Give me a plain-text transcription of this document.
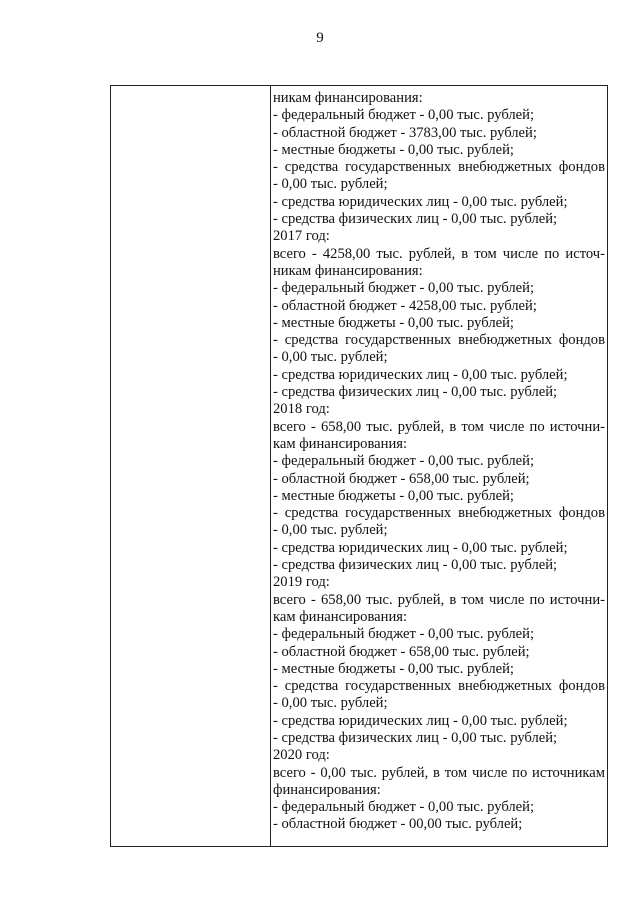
9

никам финансирования:
- федеральный бюджет - 0,00 тыс. рублей;
- областной бюджет - 3783,00 тыс. рублей;
- местные бюджеты - 0,00 тыс. рублей;
- средства государственных внебюджетных фондов
- 0,00 тыс. рублей;
- средства юридических лиц - 0,00 тыс. рублей;
- средства физических лиц - 0,00 тыс. рублей;
2017 год:
всего - 4258,00 тыс. рублей, в том числе по источ-
никам финансирования:
- федеральный бюджет - 0,00 тыс. рублей;
- областной бюджет - 4258,00 тыс. рублей;
- местные бюджеты - 0,00 тыс. рублей;
- средства государственных внебюджетных фондов
- 0,00 тыс. рублей;
- средства юридических лиц - 0,00 тыс. рублей;
- средства физических лиц - 0,00 тыс. рублей;
2018 год:
всего - 658,00 тыс. рублей, в том числе по источни-
кам финансирования:
- федеральный бюджет - 0,00 тыс. рублей;
- областной бюджет - 658,00 тыс. рублей;
- местные бюджеты - 0,00 тыс. рублей;
- средства государственных внебюджетных фондов
- 0,00 тыс. рублей;
- средства юридических лиц - 0,00 тыс. рублей;
- средства физических лиц - 0,00 тыс. рублей;
2019 год:
всего - 658,00 тыс. рублей, в том числе по источни-
кам финансирования:
- федеральный бюджет - 0,00 тыс. рублей;
- областной бюджет - 658,00 тыс. рублей;
- местные бюджеты - 0,00 тыс. рублей;
- средства государственных внебюджетных фондов
- 0,00 тыс. рублей;
- средства юридических лиц - 0,00 тыс. рублей;
- средства физических лиц - 0,00 тыс. рублей;
2020 год:
всего - 0,00 тыс. рублей, в том числе по источникам
финансирования:
- федеральный бюджет - 0,00 тыс. рублей;
- областной бюджет - 00,00 тыс. рублей;
